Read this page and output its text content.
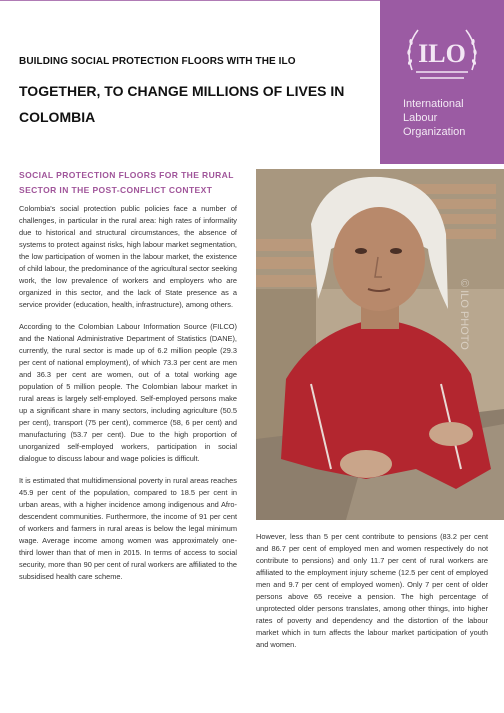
BUILDING SOCIAL PROTECTION FLOORS WITH THE ILO
TOGETHER, TO CHANGE MILLIONS OF LIVES IN COLOMBIA
ILO
International
Labour
Organization
SOCIAL PROTECTION FLOORS FOR THE RURAL SECTOR IN THE POST-CONFLICT CONTEXT

Colombia's social protection public policies face a number of challenges, in particular in the rural area: high rates of informality due to historical and structural circumstances, the absence of systems to protect against risks, high labour market segmentation, the low participation of women in the labour market, the existence of child labour, the predominance of the agricultural sector seeking work, the low prevalence of workers and employers who are organized in this sector, and the lack of State presence as a service provider (education, health, infrastructure), among others.

According to the Colombian Labour Information Source (FILCO) and the National Administrative Department of Statistics (DANE), currently, the rural sector is made up of 6.2 million people (29.3 per cent of national employment), of which 73.3 per cent are men and 36.3 per cent are women, out of a total working age population of 5 million people. The Colombian labour market in rural areas is largely self-employed. Self-employed persons make up a significant share in many sectors, including agriculture (50.5 per cent), transport (75 per cent), commerce (58, 6 per cent) and manufacturing (53.7 per cent). Due to the high proportion of unorganized self-employed workers, participation in social dialogue to discuss labour and wage policies is difficult.

It is estimated that multidimensional poverty in rural areas reaches 45.9 per cent of the population, compared to 18.5 per cent in urban areas, with a higher incidence among indigenous and Afro-descendent communities. Furthermore, the income of 91 per cent of workers and farmers in rural areas is below the legal minimum wage. Average income among women was approximately one-third lower than that of men in 2015. In terms of access to social security, more than 90 per cent of rural workers are affiliated to the subsidised health care scheme.

© ILO PHOTO

However, less than 5 per cent contribute to pensions (83.2 per cent and 86.7 per cent of employed men and women respectively do not contribute to pensions) and only 11.7 per cent of rural workers are affiliated to the employment injury scheme (12.5 per cent of employed men and 9.7 per cent of employed women). Only 7 per cent of older persons above 65 receive a pension. The high percentage of unprotected older persons translates, among other things, into higher rates of poverty and dependency and the distortion of the labour market which in turn affects the labour market participation of youth and women.
